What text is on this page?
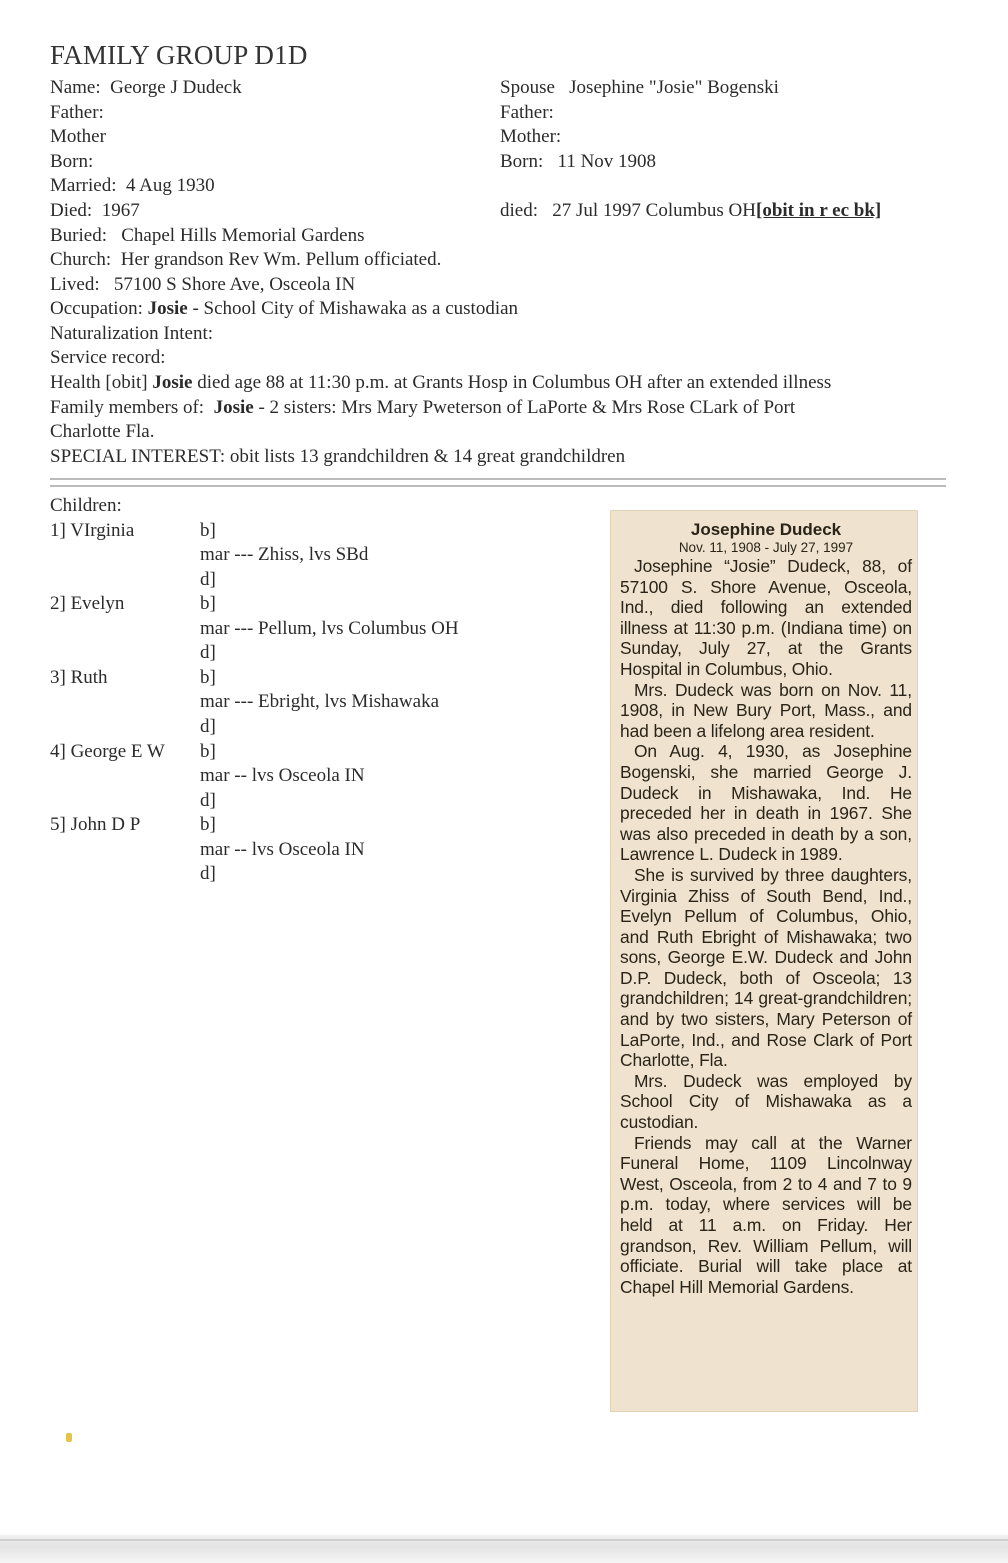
FAMILY GROUP D1D
Name: George J Dudeck
Father:
Mother
Born:
Married: 4 Aug 1930
Died: 1967
Buried: Chapel Hills Memorial Gardens
Church: Her grandson Rev Wm. Pellum officiated.
Lived: 57100 S Shore Ave, Osceola IN
Occupation: Josie - School City of Mishawaka as a custodian
Naturalization Intent:
Service record:
Health [obit] Josie died age 88 at 11:30 p.m. at Grants Hosp in Columbus OH after an extended illness
Family members of: Josie - 2 sisters: Mrs Mary Pweterson of LaPorte & Mrs Rose CLark of Port
Charlotte Fla.
SPECIAL INTEREST: obit lists 13 grandchildren & 14 great grandchildren
Spouse Josephine "Josie" Bogenski
Father:
Mother:
Born: 11 Nov 1908
died: 27 Jul 1997 Columbus OH[obit in r ec bk]
Children:
1] VIrginia	b]
mar --- Zhiss, lvs SBd
d]
2] Evelyn	b]
mar --- Pellum, lvs Columbus OH
d]
3] Ruth	b]
mar --- Ebright, lvs Mishawaka
d]
4] George E W b]
mar -- lvs Osceola IN
d]
5] John D P	b]
mar -- lvs Osceola IN
d]
Josephine Dudeck
Nov. 11, 1908 - July 27, 1997

Josephine “Josie” Dudeck, 88, of 57100 S. Shore Avenue, Osceola, Ind., died following an extended illness at 11:30 p.m. (Indiana time) on Sunday, July 27, at the Grants Hospital in Columbus, Ohio.

Mrs. Dudeck was born on Nov. 11, 1908, in New Bury Port, Mass., and had been a lifelong area resident.

On Aug. 4, 1930, as Josephine Bogenski, she married George J. Dudeck in Mishawaka, Ind. He preceded her in death in 1967. She was also preceded in death by a son, Lawrence L. Dudeck in 1989.

She is survived by three daughters, Virginia Zhiss of South Bend, Ind., Evelyn Pellum of Columbus, Ohio, and Ruth Ebright of Mishawaka; two sons, George E.W. Dudeck and John D.P. Dudeck, both of Osceola; 13 grandchildren; 14 great-grandchildren; and by two sisters, Mary Peterson of LaPorte, Ind., and Rose Clark of Port Charlotte, Fla.

Mrs. Dudeck was employed by School City of Mishawaka as a custodian.

Friends may call at the Warner Funeral Home, 1109 Lincolnway West, Osceola, from 2 to 4 and 7 to 9 p.m. today, where services will be held at 11 a.m. on Friday. Her grandson, Rev. William Pellum, will officiate. Burial will take place at Chapel Hill Memorial Gardens.
